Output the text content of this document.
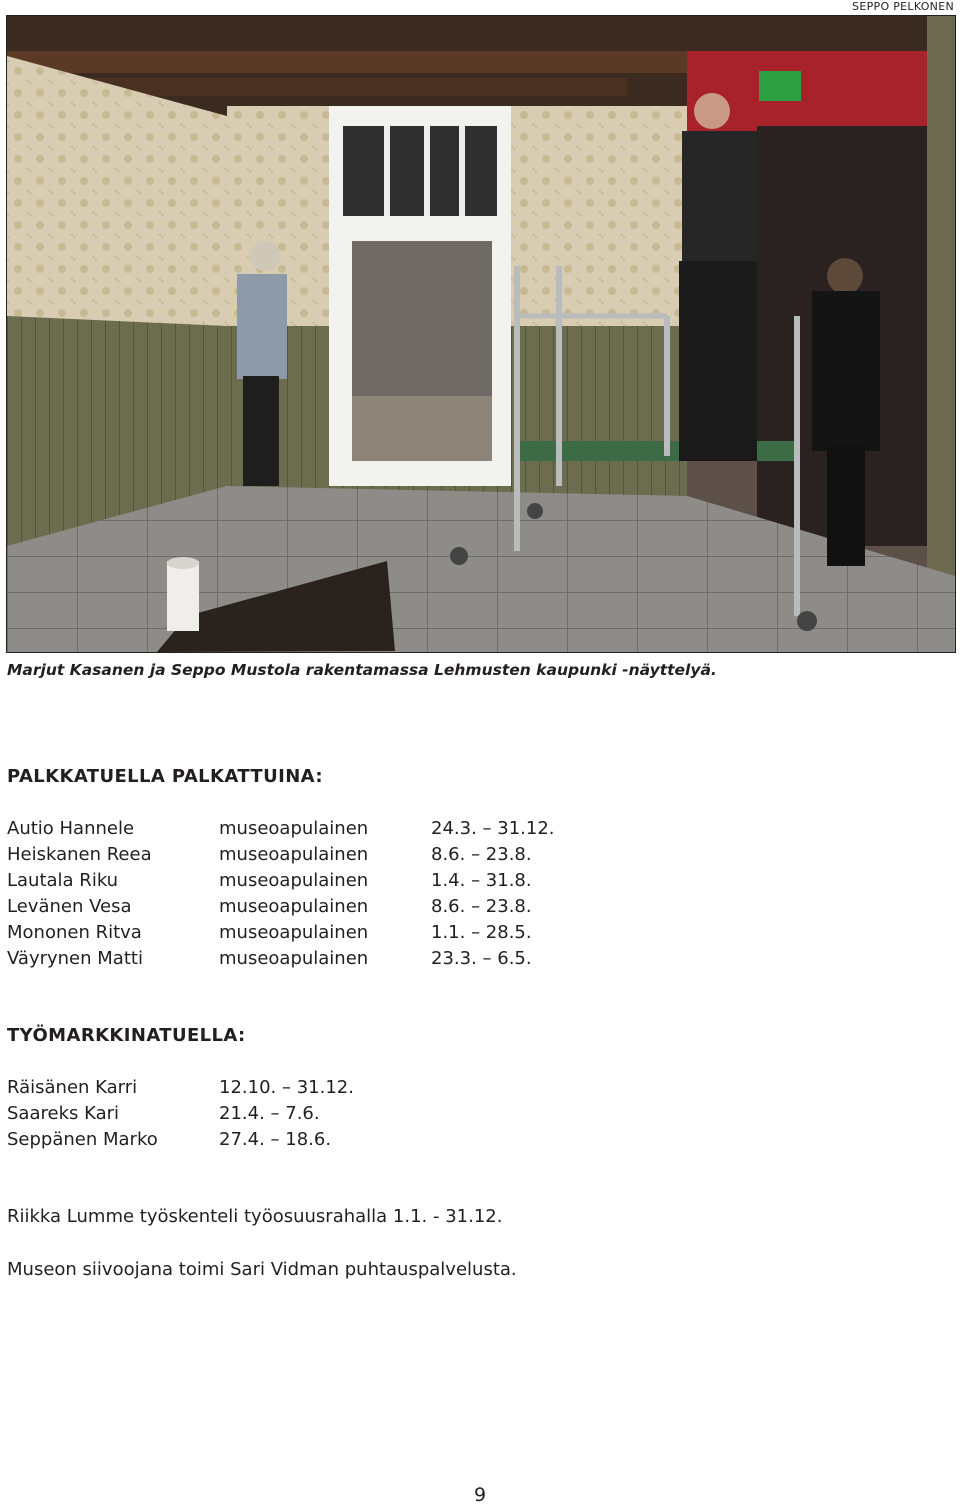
SEPPO PELKONEN
Marjut Kasanen ja Seppo Mustola rakentamassa Lehmusten kaupunki -näyttelyä.
PALKKATUELLA PALKATTUINA:
Autio Hannele	museoapulainen	24.3. – 31.12.
Heiskanen Reea	museoapulainen	8.6. – 23.8.
Lautala Riku	museoapulainen	1.4. – 31.8.
Levänen Vesa	museoapulainen	8.6. – 23.8.
Mononen Ritva	museoapulainen	1.1. – 28.5.
Väyrynen Matti	museoapulainen	23.3. – 6.5.
TYÖMARKKINATUELLA:
Räisänen Karri	12.10. – 31.12.
Saareks Kari	21.4. – 7.6.
Seppänen Marko	27.4. – 18.6.
Riikka Lumme työskenteli työosuusrahalla 1.1. - 31.12.
Museon siivoojana toimi Sari Vidman puhtauspalvelusta.
9
